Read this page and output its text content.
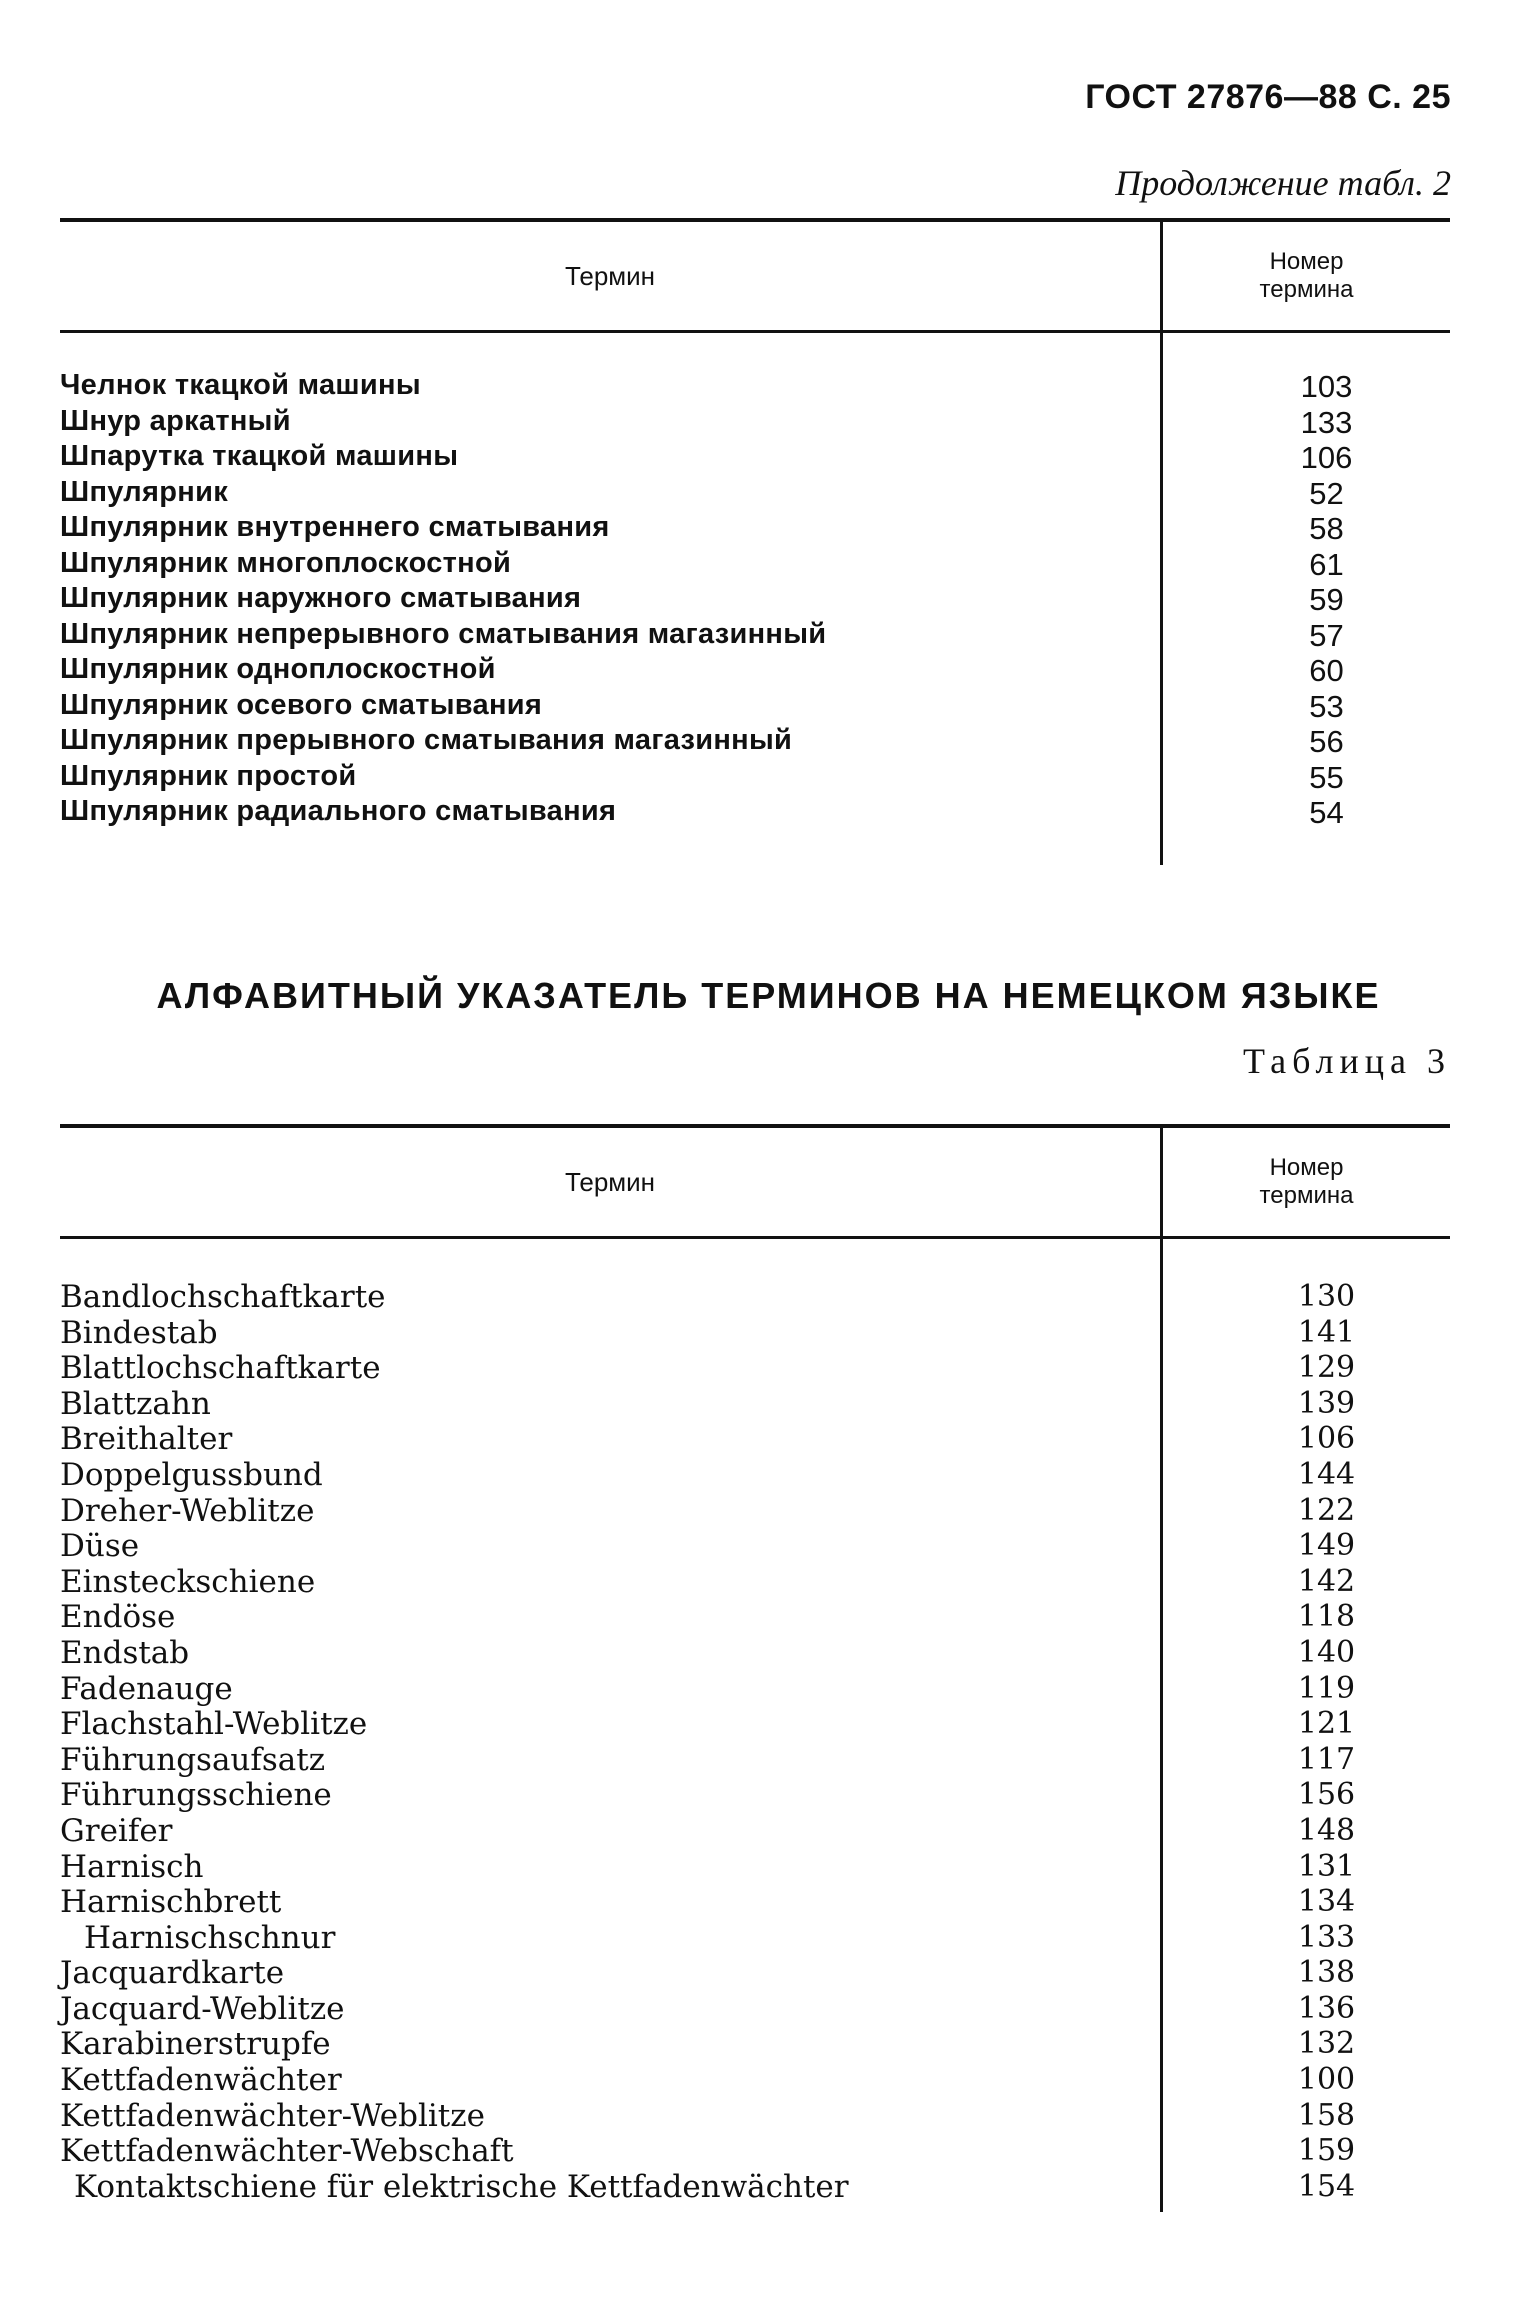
ГОСТ 27876—88 С. 25
Продолжение табл. 2
Термин	Номер
термина
Челнок ткацкой машины	103
Шнур аркатный	133
Шпарутка ткацкой машины	106
Шпулярник	52
Шпулярник внутреннего сматывания	58
Шпулярник многоплоскостной	61
Шпулярник наружного сматывания	59
Шпулярник непрерывного сматывания магазинный	57
Шпулярник одноплоскостной	60
Шпулярник осевого сматывания	53
Шпулярник прерывного сматывания магазинный	56
Шпулярник простой	55
Шпулярник радиального сматывания	54
АЛФАВИТНЫЙ УКАЗАТЕЛЬ ТЕРМИНОВ НА НЕМЕЦКОМ ЯЗЫКЕ
Таблица 3
Термин	Номер
термина
Bandlochschaftkarte	130
Bindestab	141
Blattlochschaftkarte	129
Blattzahn	139
Breithalter	106
Doppelgussbund	144
Dreher-Weblitze	122
Düse	149
Einsteckschiene	142
Endöse	118
Endstab	140
Fadenauge	119
Flachstahl-Weblitze	121
Führungsaufsatz	117
Führungsschiene	156
Greifer	148
Harnisch	131
Harnischbrett	134
Harnischschnur	133
Jacquardkarte	138
Jacquard-Weblitze	136
Karabinerstrupfe	132
Kettfadenwächter	100
Kettfadenwächter-Weblitze	158
Kettfadenwächter-Webschaft	159
Kontaktschiene für elektrische Kettfadenwächter	154
